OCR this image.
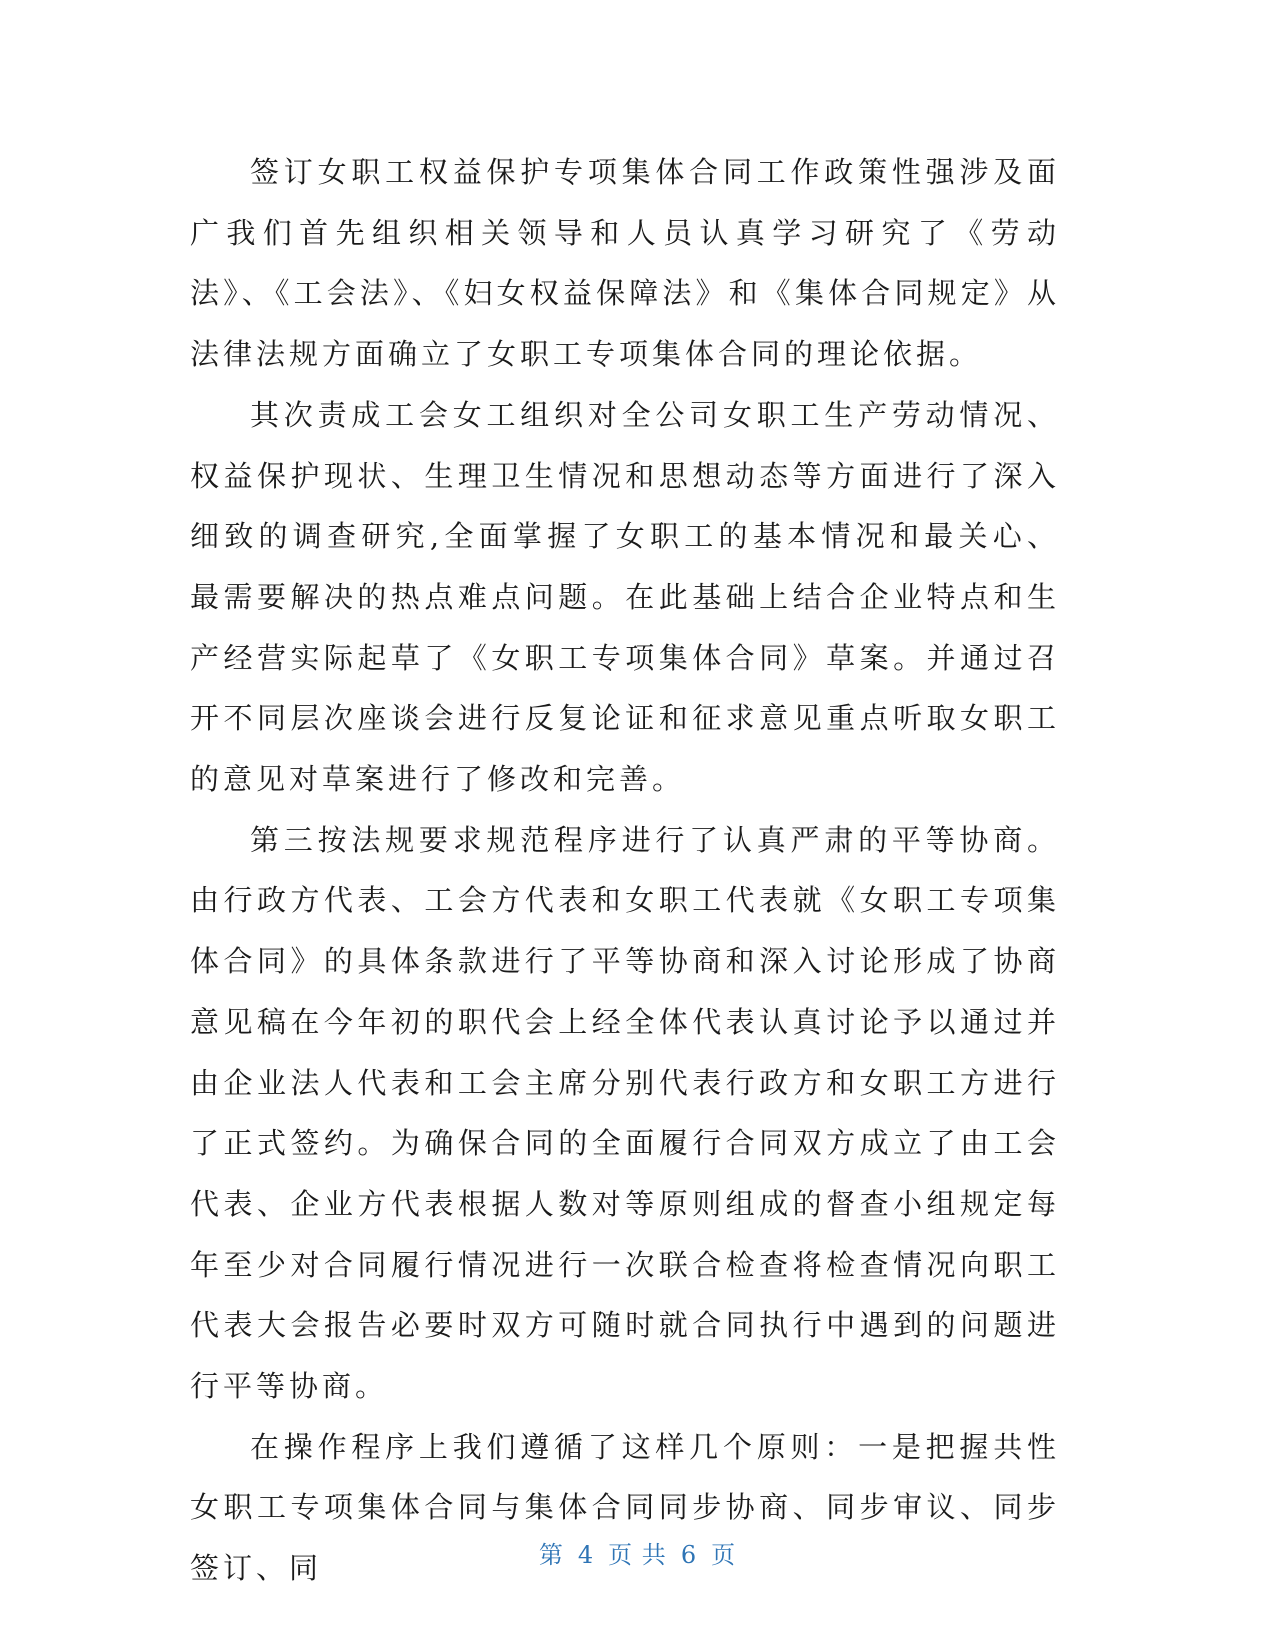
签订女职工权益保护专项集体合同工作政策性强涉及面广我们首先组织相关领导和人员认真学习研究了《劳动法》、《工会法》、《妇女权益保障法》和《集体合同规定》从法律法规方面确立了女职工专项集体合同的理论依据。

其次责成工会女工组织对全公司女职工生产劳动情况、权益保护现状、生理卫生情况和思想动态等方面进行了深入细致的调查研究,全面掌握了女职工的基本情况和最关心、最需要解决的热点难点问题。在此基础上结合企业特点和生产经营实际起草了《女职工专项集体合同》草案。并通过召开不同层次座谈会进行反复论证和征求意见重点听取女职工的意见对草案进行了修改和完善。

第三按法规要求规范程序进行了认真严肃的平等协商。由行政方代表、工会方代表和女职工代表就《女职工专项集体合同》的具体条款进行了平等协商和深入讨论形成了协商意见稿在今年初的职代会上经全体代表认真讨论予以通过并由企业法人代表和工会主席分别代表行政方和女职工方进行了正式签约。为确保合同的全面履行合同双方成立了由工会代表、企业方代表根据人数对等原则组成的督查小组规定每年至少对合同履行情况进行一次联合检查将检查情况向职工代表大会报告必要时双方可随时就合同执行中遇到的问题进行平等协商。

在操作程序上我们遵循了这样几个原则：一是把握共性女职工专项集体合同与集体合同同步协商、同步审议、同步签订、同	第 4 页 共 6 页
